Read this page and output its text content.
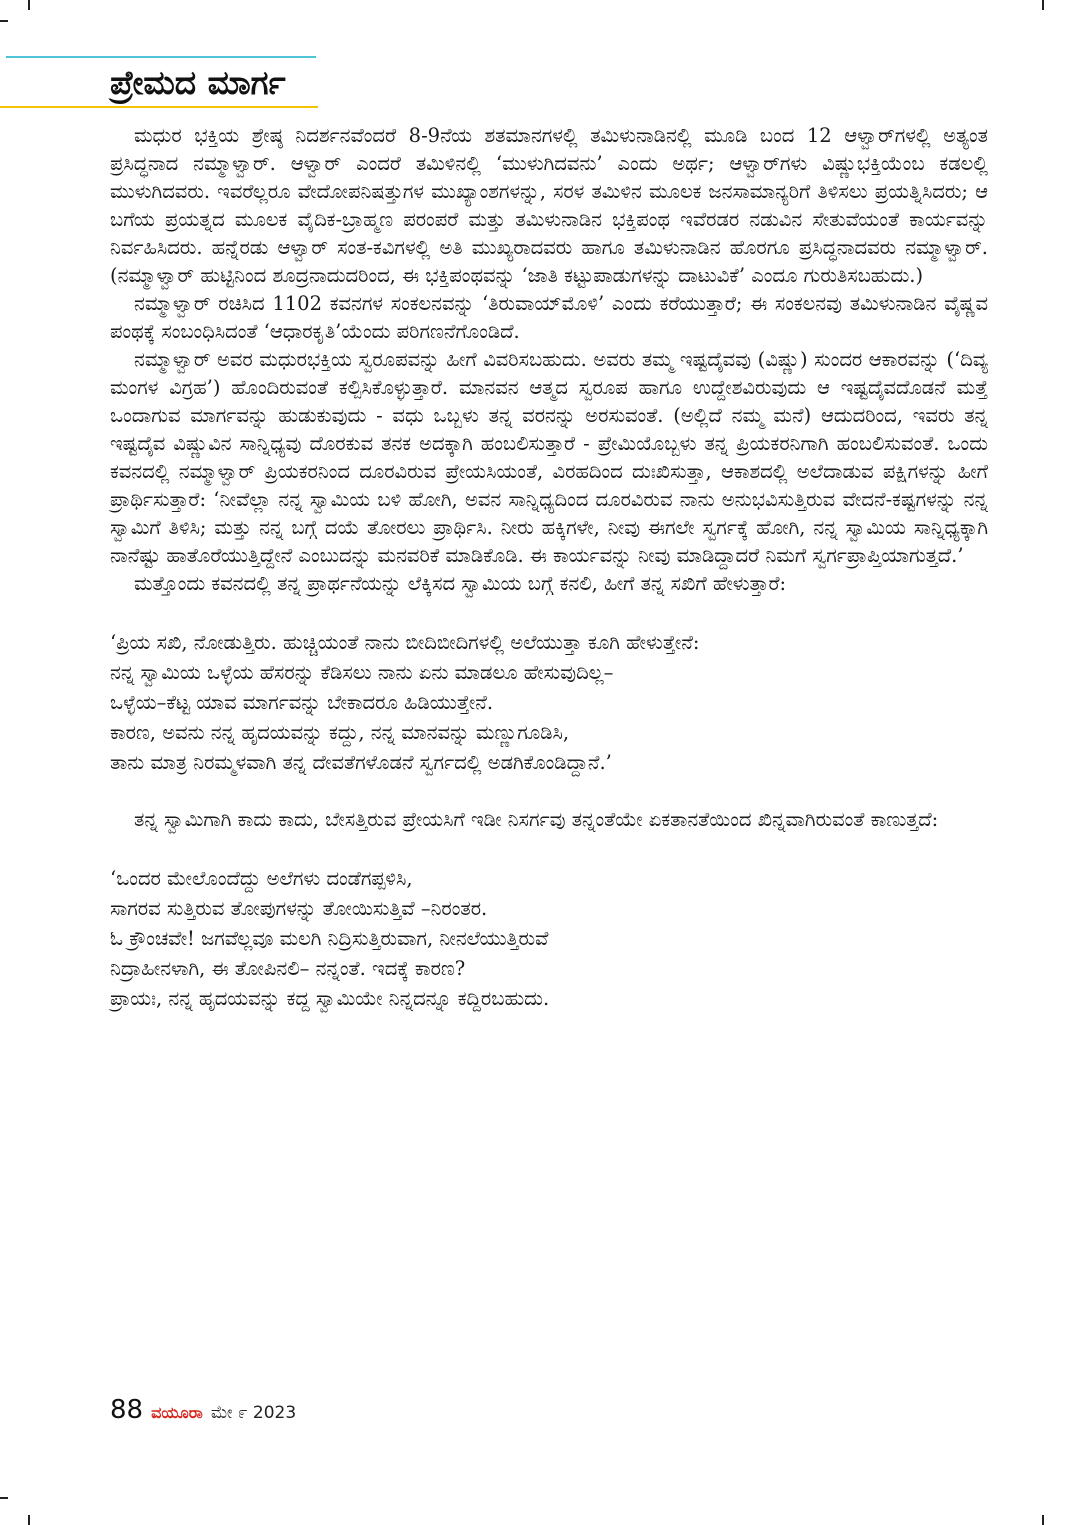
ಪ್ರೇಮದ ಮಾರ್ಗ

ಮಧುರ ಭಕ್ತಿಯ ಶ್ರೇಷ್ಠ ನಿದರ್ಶನವೆಂದರೆ 8-9ನೆಯ ಶತಮಾನಗಳಲ್ಲಿ ತಮಿಳುನಾಡಿನಲ್ಲಿ ಮೂಡಿ ಬಂದ 12 ಆಳ್ವಾರ್‌ಗಳಲ್ಲಿ ಅತ್ಯಂತ ಪ್ರಸಿದ್ಧನಾದ ನಮ್ಮಾಳ್ವಾರ್. ಆಳ್ವಾರ್ ಎಂದರೆ ತಮಿಳಿನಲ್ಲಿ ‘ಮುಳುಗಿದವನು’ ಎಂದು ಅರ್ಥ; ಆಳ್ವಾರ್‌ಗಳು ವಿಷ್ಣುಭಕ್ತಿಯೆಂಬ ಕಡಲಲ್ಲಿ ಮುಳುಗಿದವರು. ಇವರೆಲ್ಲರೂ ವೇದೋಪನಿಷತ್ತುಗಳ ಮುಖ್ಯಾಂಶಗಳನ್ನು, ಸರಳ ತಮಿಳಿನ ಮೂಲಕ ಜನಸಾಮಾನ್ಯರಿಗೆ ತಿಳಿಸಲು ಪ್ರಯತ್ನಿಸಿದರು; ಆ ಬಗೆಯ ಪ್ರಯತ್ನದ ಮೂಲಕ ವೈದಿಕ-ಬ್ರಾಹ್ಮಣ ಪರಂಪರೆ ಮತ್ತು ತಮಿಳುನಾಡಿನ ಭಕ್ತಿಪಂಥ ಇವೆರಡರ ನಡುವಿನ ಸೇತುವೆಯಂತೆ ಕಾರ್ಯವನ್ನು ನಿರ್ವಹಿಸಿದರು. ಹನ್ನೆರಡು ಆಳ್ವಾರ್ ಸಂತ-ಕವಿಗಳಲ್ಲಿ ಅತಿ ಮುಖ್ಯರಾದವರು ಹಾಗೂ ತಮಿಳುನಾಡಿನ ಹೊರಗೂ ಪ್ರಸಿದ್ಧನಾದವರು ನಮ್ಮಾಳ್ವಾರ್. (ನಮ್ಮಾಳ್ವಾರ್ ಹುಟ್ಟಿನಿಂದ ಶೂದ್ರನಾದುದರಿಂದ, ಈ ಭಕ್ತಿಪಂಥವನ್ನು ‘ಜಾತಿ ಕಟ್ಟುಪಾಡುಗಳನ್ನು ದಾಟುವಿಕೆ’ ಎಂದೂ ಗುರುತಿಸಬಹುದು.)

ನಮ್ಮಾಳ್ವಾರ್ ರಚಿಸಿದ 1102 ಕವನಗಳ ಸಂಕಲನವನ್ನು ‘ತಿರುವಾಯ್‌ಮೊಳಿ’ ಎಂದು ಕರೆಯುತ್ತಾರೆ; ಈ ಸಂಕಲನವು ತಮಿಳುನಾಡಿನ ವೈಷ್ಣವ ಪಂಥಕ್ಕೆ ಸಂಬಂಧಿಸಿದಂತೆ ‘ಆಧಾರಕೃತಿ’ಯೆಂದು ಪರಿಗಣನೆಗೊಂಡಿದೆ.

ನಮ್ಮಾಳ್ವಾರ್ ಅವರ ಮಧುರಭಕ್ತಿಯ ಸ್ವರೂಪವನ್ನು ಹೀಗೆ ವಿವರಿಸಬಹುದು. ಅವರು ತಮ್ಮ ಇಷ್ಟದೈವವು (ವಿಷ್ಣು) ಸುಂದರ ಆಕಾರವನ್ನು (‘ದಿವ್ಯ ಮಂಗಳ ವಿಗ್ರಹ’) ಹೊಂದಿರುವಂತೆ ಕಲ್ಪಿಸಿಕೊಳ್ಳುತ್ತಾರೆ. ಮಾನವನ ಆತ್ಮದ ಸ್ವರೂಪ ಹಾಗೂ ಉದ್ದೇಶವಿರುವುದು ಆ ಇಷ್ಟದೈವದೊಡನೆ ಮತ್ತೆ ಒಂದಾಗುವ ಮಾರ್ಗವನ್ನು ಹುಡುಕುವುದು - ವಧು ಒಬ್ಬಳು ತನ್ನ ವರನನ್ನು ಅರಸುವಂತೆ. (ಅಲ್ಲಿದೆ ನಮ್ಮ ಮನೆ) ಆದುದರಿಂದ, ಇವರು ತನ್ನ ಇಷ್ಟದೈವ ವಿಷ್ಣುವಿನ ಸಾನ್ನಿಧ್ಯವು ದೊರಕುವ ತನಕ ಅದಕ್ಕಾಗಿ ಹಂಬಲಿಸುತ್ತಾರೆ - ಪ್ರೇಮಿಯೊಬ್ಬಳು ತನ್ನ ಪ್ರಿಯಕರನಿಗಾಗಿ ಹಂಬಲಿಸುವಂತೆ. ಒಂದು ಕವನದಲ್ಲಿ ನಮ್ಮಾಳ್ವಾರ್ ಪ್ರಿಯಕರನಿಂದ ದೂರವಿರುವ ಪ್ರೇಯಸಿಯಂತೆ, ವಿರಹದಿಂದ ದುಃಖಿಸುತ್ತಾ, ಆಕಾಶದಲ್ಲಿ ಅಲೆದಾಡುವ ಪಕ್ಷಿಗಳನ್ನು ಹೀಗೆ ಪ್ರಾರ್ಥಿಸುತ್ತಾರೆ: ‘ನೀವೆಲ್ಲಾ ನನ್ನ ಸ್ವಾಮಿಯ ಬಳಿ ಹೋಗಿ, ಅವನ ಸಾನ್ನಿಧ್ಯದಿಂದ ದೂರವಿರುವ ನಾನು ಅನುಭವಿಸುತ್ತಿರುವ ವೇದನೆ-ಕಷ್ಟಗಳನ್ನು ನನ್ನ ಸ್ವಾಮಿಗೆ ತಿಳಿಸಿ; ಮತ್ತು ನನ್ನ ಬಗ್ಗೆ ದಯೆ ತೋರಲು ಪ್ರಾರ್ಥಿಸಿ. ನೀರು ಹಕ್ಕಿಗಳೇ, ನೀವು ಈಗಲೇ ಸ್ವರ್ಗಕ್ಕೆ ಹೋಗಿ, ನನ್ನ ಸ್ವಾಮಿಯ ಸಾನ್ನಿಧ್ಯಕ್ಕಾಗಿ ನಾನೆಷ್ಟು ಹಾತೊರೆಯುತ್ತಿದ್ದೇನೆ ಎಂಬುದನ್ನು ಮನವರಿಕೆ ಮಾಡಿಕೊಡಿ. ಈ ಕಾರ್ಯವನ್ನು ನೀವು ಮಾಡಿದ್ದಾದರೆ ನಿಮಗೆ ಸ್ವರ್ಗಪ್ರಾಪ್ತಿಯಾಗುತ್ತದೆ.’

ಮತ್ತೊಂದು ಕವನದಲ್ಲಿ ತನ್ನ ಪ್ರಾರ್ಥನೆಯನ್ನು ಲೆಕ್ಕಿಸದ ಸ್ವಾಮಿಯ ಬಗ್ಗೆ ಕನಲಿ, ಹೀಗೆ ತನ್ನ ಸಖಿಗೆ ಹೇಳುತ್ತಾರೆ:

‘ಪ್ರಿಯ ಸಖಿ, ನೋಡುತ್ತಿರು. ಹುಚ್ಚಿಯಂತೆ ನಾನು ಬೀದಿಬೀದಿಗಳಲ್ಲಿ ಅಲೆಯುತ್ತಾ ಕೂಗಿ ಹೇಳುತ್ತೇನೆ:
ನನ್ನ ಸ್ವಾಮಿಯ ಒಳ್ಳೆಯ ಹೆಸರನ್ನು ಕೆಡಿಸಲು ನಾನು ಏನು ಮಾಡಲೂ ಹೇಸುವುದಿಲ್ಲ–
ಒಳ್ಳೆಯ–ಕೆಟ್ಟ ಯಾವ ಮಾರ್ಗವನ್ನು ಬೇಕಾದರೂ ಹಿಡಿಯುತ್ತೇನೆ.
ಕಾರಣ, ಅವನು ನನ್ನ ಹೃದಯವನ್ನು ಕದ್ದು, ನನ್ನ ಮಾನವನ್ನು ಮಣ್ಣುಗೂಡಿಸಿ,
ತಾನು ಮಾತ್ರ ನಿರಮ್ಮಳವಾಗಿ ತನ್ನ ದೇವತೆಗಳೊಡನೆ ಸ್ವರ್ಗದಲ್ಲಿ ಅಡಗಿಕೊಂಡಿದ್ದಾನೆ.’

ತನ್ನ ಸ್ವಾಮಿಗಾಗಿ ಕಾದು ಕಾದು, ಬೇಸತ್ತಿರುವ ಪ್ರೇಯಸಿಗೆ ಇಡೀ ನಿಸರ್ಗವು ತನ್ನಂತೆಯೇ ಏಕತಾನತೆಯಿಂದ ಖಿನ್ನವಾಗಿರುವಂತೆ ಕಾಣುತ್ತದೆ:

‘ಒಂದರ ಮೇಲೊಂದೆದ್ದು ಅಲೆಗಳು ದಂಡೆಗಪ್ಪಳಿಸಿ,
ಸಾಗರವ ಸುತ್ತಿರುವ ತೋಪುಗಳನ್ನು ತೋಯಿಸುತ್ತಿವೆ –ನಿರಂತರ.
ಓ ಕ್ರೌಂಚವೇ! ಜಗವೆಲ್ಲವೂ ಮಲಗಿ ನಿದ್ರಿಸುತ್ತಿರುವಾಗ, ನೀನಲೆಯುತ್ತಿರುವೆ
ನಿದ್ರಾಹೀನಳಾಗಿ, ಈ ತೋಪಿನಲಿ– ನನ್ನಂತೆ. ಇದಕ್ಕೆ ಕಾರಣ?
ಪ್ರಾಯಃ, ನನ್ನ ಹೃದಯವನ್ನು ಕದ್ದ ಸ್ವಾಮಿಯೇ ನಿನ್ನದನ್ನೂ ಕದ್ದಿರಬಹುದು.
88 ವಯೂರಾ ಮೇ ೯ 2023
